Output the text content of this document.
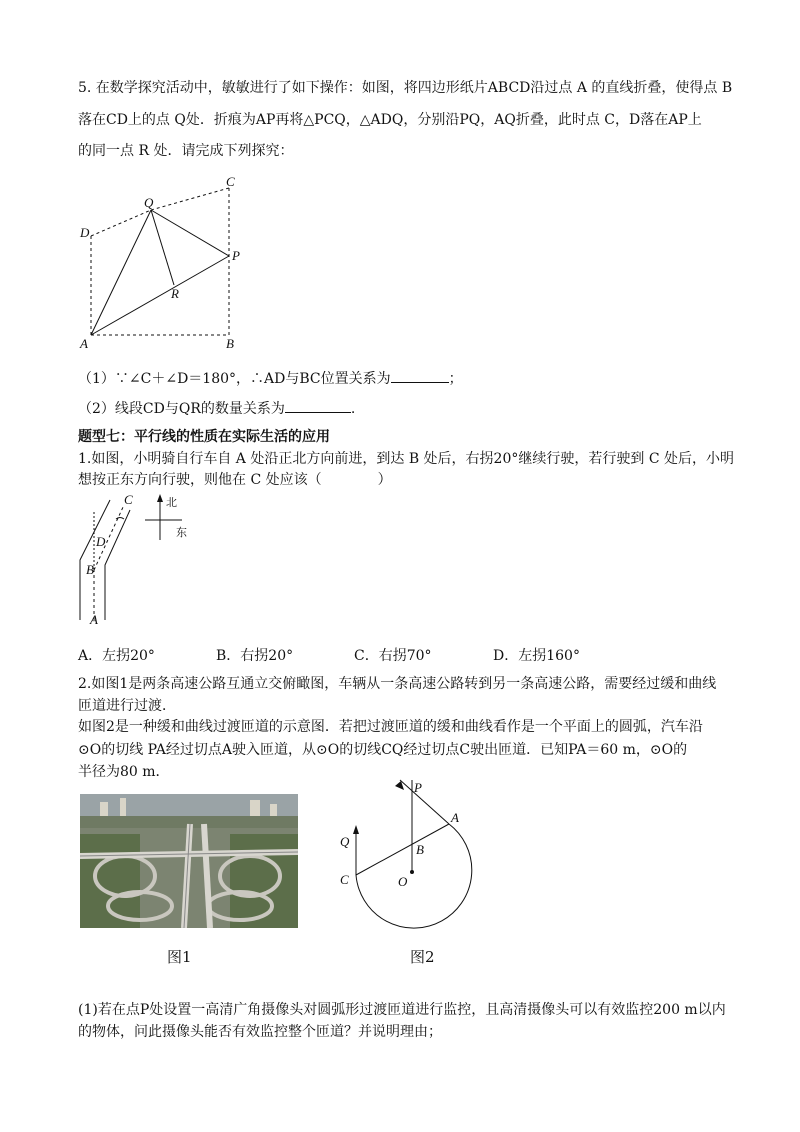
5. 在数学探究活动中，敏敏进行了如下操作：如图，将四边形纸片ABCD沿过点 A 的直线折叠，使得点 B
落在CD上的点 Q处．折痕为AP再将△PCQ，△ADQ，分别沿PQ，AQ折叠，此时点 C，D落在AP上
的同一点 R 处．请完成下列探究：
A	B
C
D
P
Q
R
（1）∵∠C＋∠D＝180°，∴AD与BC位置关系为	；
（2）线段CD与QR的数量关系为	.
题型七：平行线的性质在实际生活的应用
1.如图，小明骑自行车自 A 处沿正北方向前进，到达 B 处后，右拐20°继续行驶，若行驶到 C 处后，小明
想按正东方向行驶，则他在 C 处应该（　　　　）
A
B
C
D
北
东
A．左拐20°	B．右拐20°	C．右拐70°	D．左拐160°
2.如图1是两条高速公路互通立交俯瞰图，车辆从一条高速公路转到另一条高速公路，需要经过缓和曲线
匝道进行过渡．
如图2是一种缓和曲线过渡匝道的示意图．若把过渡匝道的缓和曲线看作是一个平面上的圆弧，汽车沿
⊙O的切线 PA经过切点A驶入匝道，从⊙O的切线CQ经过切点C驶出匝道．已知PA＝60 m，⊙O的
半径为80 m．
图1
P
A
B
O
C
Q
图2
(1)若在点P处设置一高清广角摄像头对圆弧形过渡匝道进行监控，且高清摄像头可以有效监控200 m以内
的物体，问此摄像头能否有效监控整个匝道？并说明理由；
